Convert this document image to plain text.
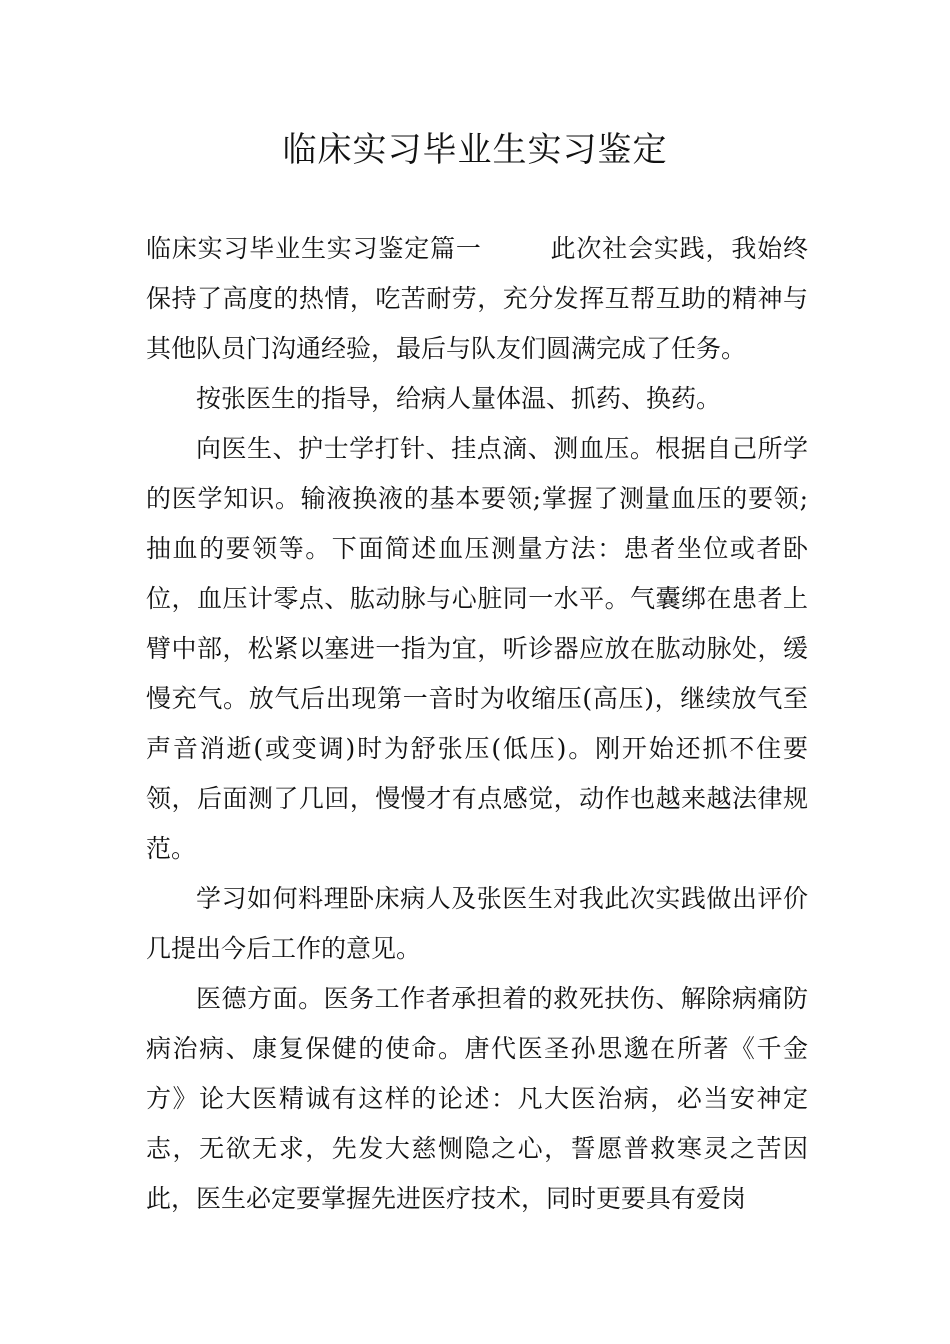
临床实习毕业生实习鉴定

临床实习毕业生实习鉴定篇一	此次社会实践，我始终保持了高度的热情，吃苦耐劳，充分发挥互帮互助的精神与其他队员门沟通经验，最后与队友们圆满完成了任务。

按张医生的指导，给病人量体温、抓药、换药。

向医生、护士学打针、挂点滴、测血压。根据自己所学的医学知识。输液换液的基本要领;掌握了测量血压的要领;抽血的要领等。下面简述血压测量方法：患者坐位或者卧位，血压计零点、肱动脉与心脏同一水平。气囊绑在患者上臂中部，松紧以塞进一指为宜，听诊器应放在肱动脉处，缓慢充气。放气后出现第一音时为收缩压(高压)，继续放气至声音消逝(或变调)时为舒张压(低压)。刚开始还抓不住要领，后面测了几回，慢慢才有点感觉，动作也越来越法律规范。

学习如何料理卧床病人及张医生对我此次实践做出评价几提出今后工作的意见。

医德方面。医务工作者承担着的救死扶伤、解除病痛防病治病、康复保健的使命。唐代医圣孙思邈在所著《千金方》论大医精诚有这样的论述：凡大医治病，必当安神定志，无欲无求，先发大慈恻隐之心，誓愿普救寒灵之苦因此，医生必定要掌握先进医疗技术，同时更要具有爱岗
